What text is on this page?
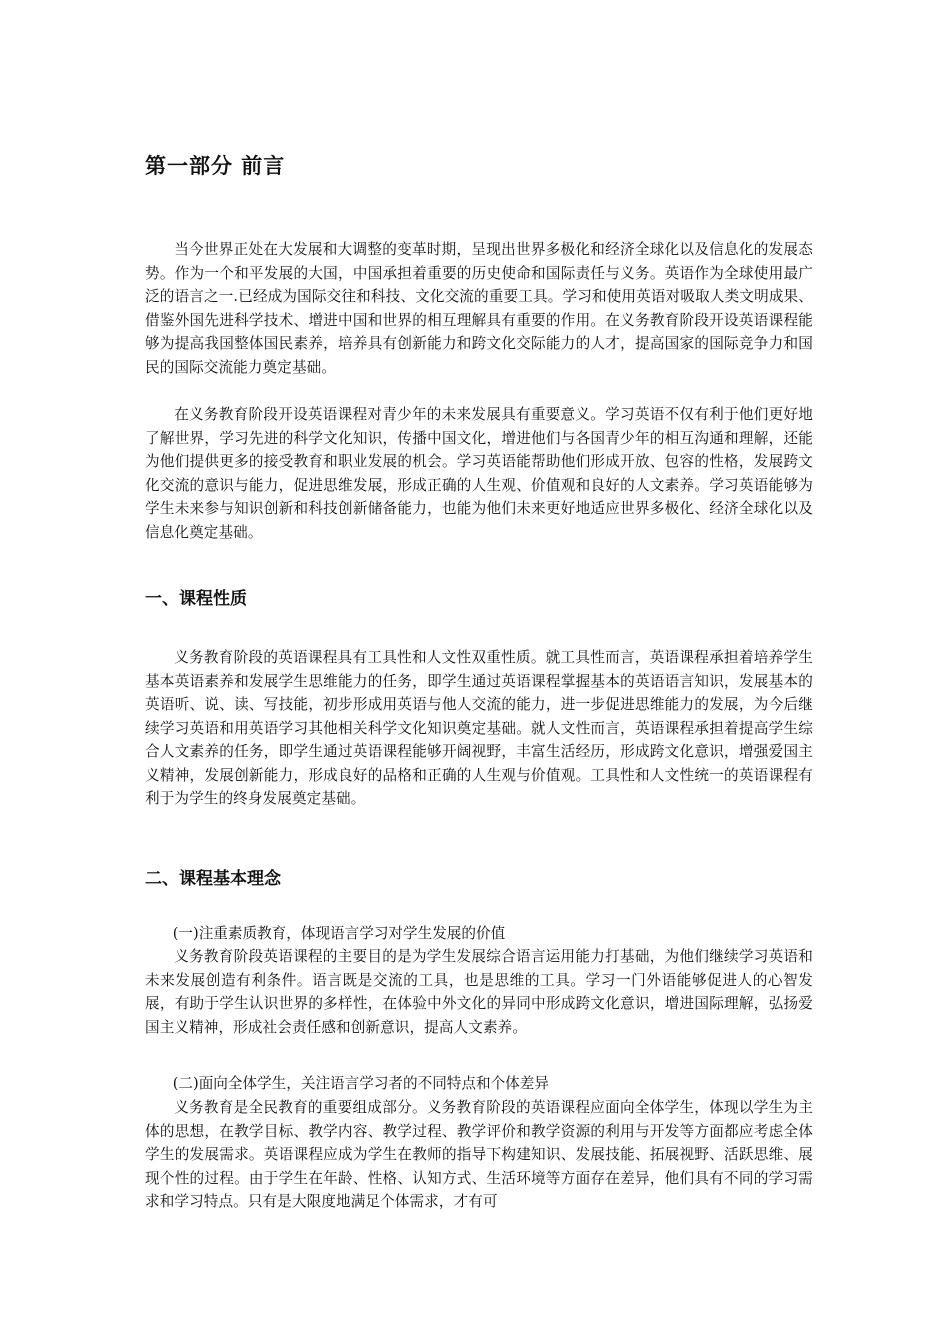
第一部分 前言

当今世界正处在大发展和大调整的变革时期，呈现出世界多极化和经济全球化以及信息化的发展态势。作为一个和平发展的大国，中国承担着重要的历史使命和国际责任与义务。英语作为全球使用最广泛的语言之一.已经成为国际交往和科技、文化交流的重要工具。学习和使用英语对吸取人类文明成果、借鉴外国先进科学技术、增进中国和世界的相互理解具有重要的作用。在义务教育阶段开设英语课程能够为提高我国整体国民素养，培养具有创新能力和跨文化交际能力的人才，提高国家的国际竞争力和国民的国际交流能力奠定基础。

在义务教育阶段开设英语课程对青少年的未来发展具有重要意义。学习英语不仅有利于他们更好地了解世界，学习先进的科学文化知识，传播中国文化，增进他们与各国青少年的相互沟通和理解，还能为他们提供更多的接受教育和职业发展的机会。学习英语能帮助他们形成开放、包容的性格，发展跨文化交流的意识与能力，促进思维发展，形成正确的人生观、价值观和良好的人文素养。学习英语能够为学生未来参与知识创新和科技创新储备能力，也能为他们未来更好地适应世界多极化、经济全球化以及信息化奠定基础。

一、课程性质

义务教育阶段的英语课程具有工具性和人文性双重性质。就工具性而言，英语课程承担着培养学生基本英语素养和发展学生思维能力的任务，即学生通过英语课程掌握基本的英语语言知识，发展基本的英语听、说、读、写技能，初步形成用英语与他人交流的能力，进一步促进思维能力的发展，为今后继续学习英语和用英语学习其他相关科学文化知识奠定基础。就人文性而言，英语课程承担着提高学生综合人文素养的任务，即学生通过英语课程能够开阔视野，丰富生活经历，形成跨文化意识，增强爱国主义精神，发展创新能力，形成良好的品格和正确的人生观与价值观。工具性和人文性统一的英语课程有利于为学生的终身发展奠定基础。

二、课程基本理念

(一)注重素质教育，体现语言学习对学生发展的价值

义务教育阶段英语课程的主要目的是为学生发展综合语言运用能力打基础，为他们继续学习英语和未来发展创造有利条件。语言既是交流的工具，也是思维的工具。学习一门外语能够促进人的心智发展，有助于学生认识世界的多样性，在体验中外文化的异同中形成跨文化意识，增进国际理解，弘扬爱国主义精神，形成社会责任感和创新意识，提高人文素养。

(二)面向全体学生，关注语言学习者的不同特点和个体差异

义务教育是全民教育的重要组成部分。义务教育阶段的英语课程应面向全体学生，体现以学生为主体的思想，在教学目标、教学内容、教学过程、教学评价和教学资源的利用与开发等方面都应考虑全体学生的发展需求。英语课程应成为学生在教师的指导下构建知识、发展技能、拓展视野、活跃思维、展现个性的过程。由于学生在年龄、性格、认知方式、生活环境等方面存在差异，他们具有不同的学习需求和学习特点。只有是大限度地满足个体需求，才有可
